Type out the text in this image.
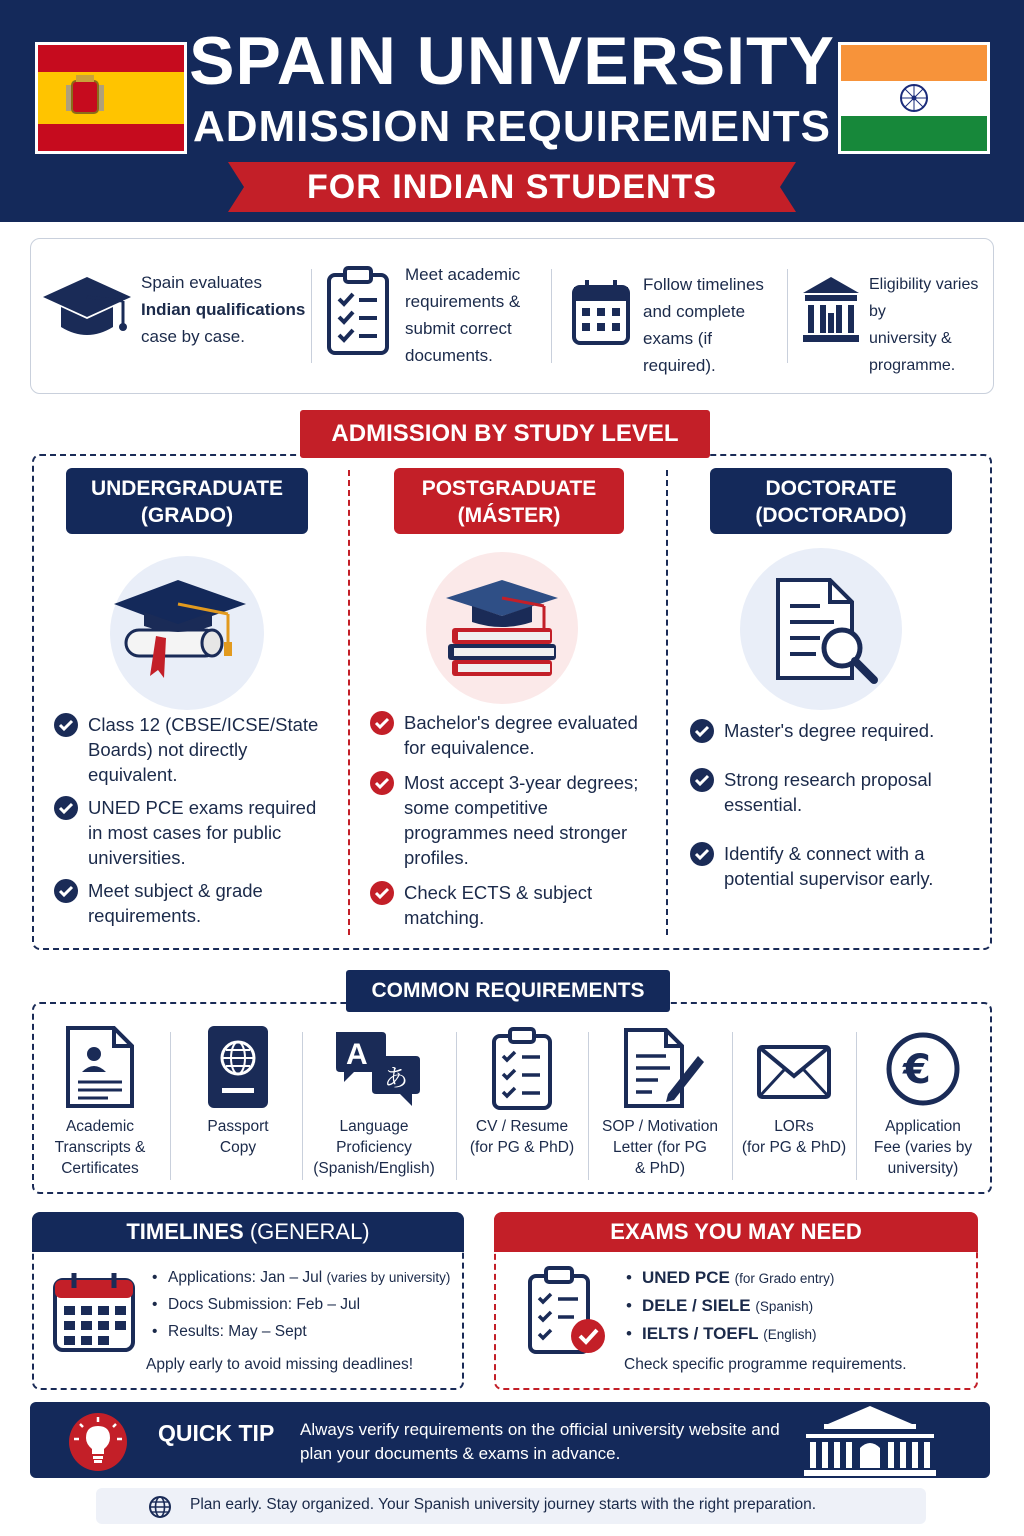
SPAIN UNIVERSITY
ADMISSION REQUIREMENTS
FOR INDIAN STUDENTS
Spain evaluates
Indian qualifications
case by case.
Meet academic
requirements &
submit correct
documents.
Follow timelines
and complete
exams (if required).
Eligibility varies by
university &
programme.
ADMISSION BY STUDY LEVEL
UNDERGRADUATE
(GRADO)
Class 12 (CBSE/ICSE/State Boards) not directly equivalent.
UNED PCE exams required in most cases for public universities.
Meet subject & grade requirements.
POSTGRADUATE
(MÁSTER)
Bachelor's degree evaluated for equivalence.
Most accept 3-year degrees; some competitive programmes need stronger profiles.
Check ECTS & subject matching.
DOCTORATE
(DOCTORADO)
Master's degree required.
Strong research proposal essential.
Identify & connect with a potential supervisor early.
COMMON REQUIREMENTS
Academic
Transcripts &
Certificates
Passport
Copy
A
あ
Language
Proficiency
(Spanish/English)
CV / Resume
(for PG & PhD)
SOP / Motivation
Letter (for PG
& PhD)
LORs
(for PG & PhD)
€
Application
Fee (varies by
university)
TIMELINES (GENERAL)
• Applications: Jan – Jul (varies by university)
• Docs Submission: Feb – Jul
• Results: May – Sept
Apply early to avoid missing deadlines!
EXAMS YOU MAY NEED
• UNED PCE (for Grado entry)
• DELE / SIELE (Spanish)
• IELTS / TOEFL (English)
Check specific programme requirements.
QUICK TIP Always verify requirements on the official university website and plan your documents & exams in advance.
Plan early. Stay organized. Your Spanish university journey starts with the right preparation.
